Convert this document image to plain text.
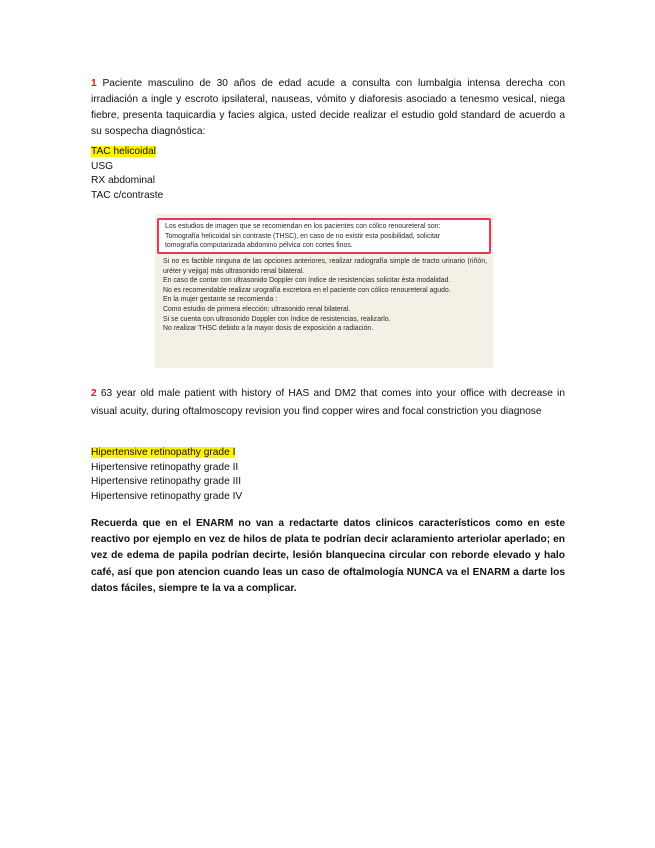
1 Paciente masculino de 30 años de edad acude a consulta con lumbalgia intensa derecha con irradiación a ingle y escroto ipsilateral, nauseas, vómito y diaforesis asociado a tenesmo vesical, niega fiebre, presenta taquicardia y facies algica, usted decide realizar el estudio gold standard de acuerdo a su sospecha diagnóstica:
TAC helicoidal
USG
RX abdominal
TAC c/contraste
Los estudios de imagen que se recomiendan en los pacientes con cólico renoureteral son:
Tomografía helicoidal sin contraste (THSC), en caso de no existir esta posibilidad, solicitar
tomografía computarizada abdomino pélvica con cortes finos.
Si no es factible ninguna de las opciones anteriores, realizar radiografía simple de tracto urinario (riñón, uréter y vejiga) más ultrasonido renal bilateral.
En caso de contar con ultrasonido Doppler con índice de resistencias solicitar ésta modalidad.
No es recomendable realizar urografía excretora en el paciente con cólico renoureteral agudo.
En la mujer gestante se recomienda :
Como estudio de primera elección: ultrasonido renal bilateral.
Si se cuenta con ultrasonido Doppler con índice de resistencias, realizarlo.
No realizar THSC debido a la mayor dosis de exposición a radiación.
2 63 year old male patient with history of HAS and DM2 that comes into your office with decrease in visual acuity, during oftalmoscopy revision you find copper wires and focal constriction you diagnose
Hipertensive retinopathy grade I
Hipertensive retinopathy grade II
Hipertensive retinopathy grade III
Hipertensive retinopathy grade IV
Recuerda que en el ENARM no van a redactarte datos clinicos característicos como en este reactivo por ejemplo en vez de hilos de plata te podrían decir aclaramiento arteriolar aperlado; en vez de edema de papila podrían decirte, lesión blanquecina circular con reborde elevado y halo café, así que pon atencion cuando leas un caso de oftalmología NUNCA va el ENARM a darte los datos fáciles, siempre te la va a complicar.
